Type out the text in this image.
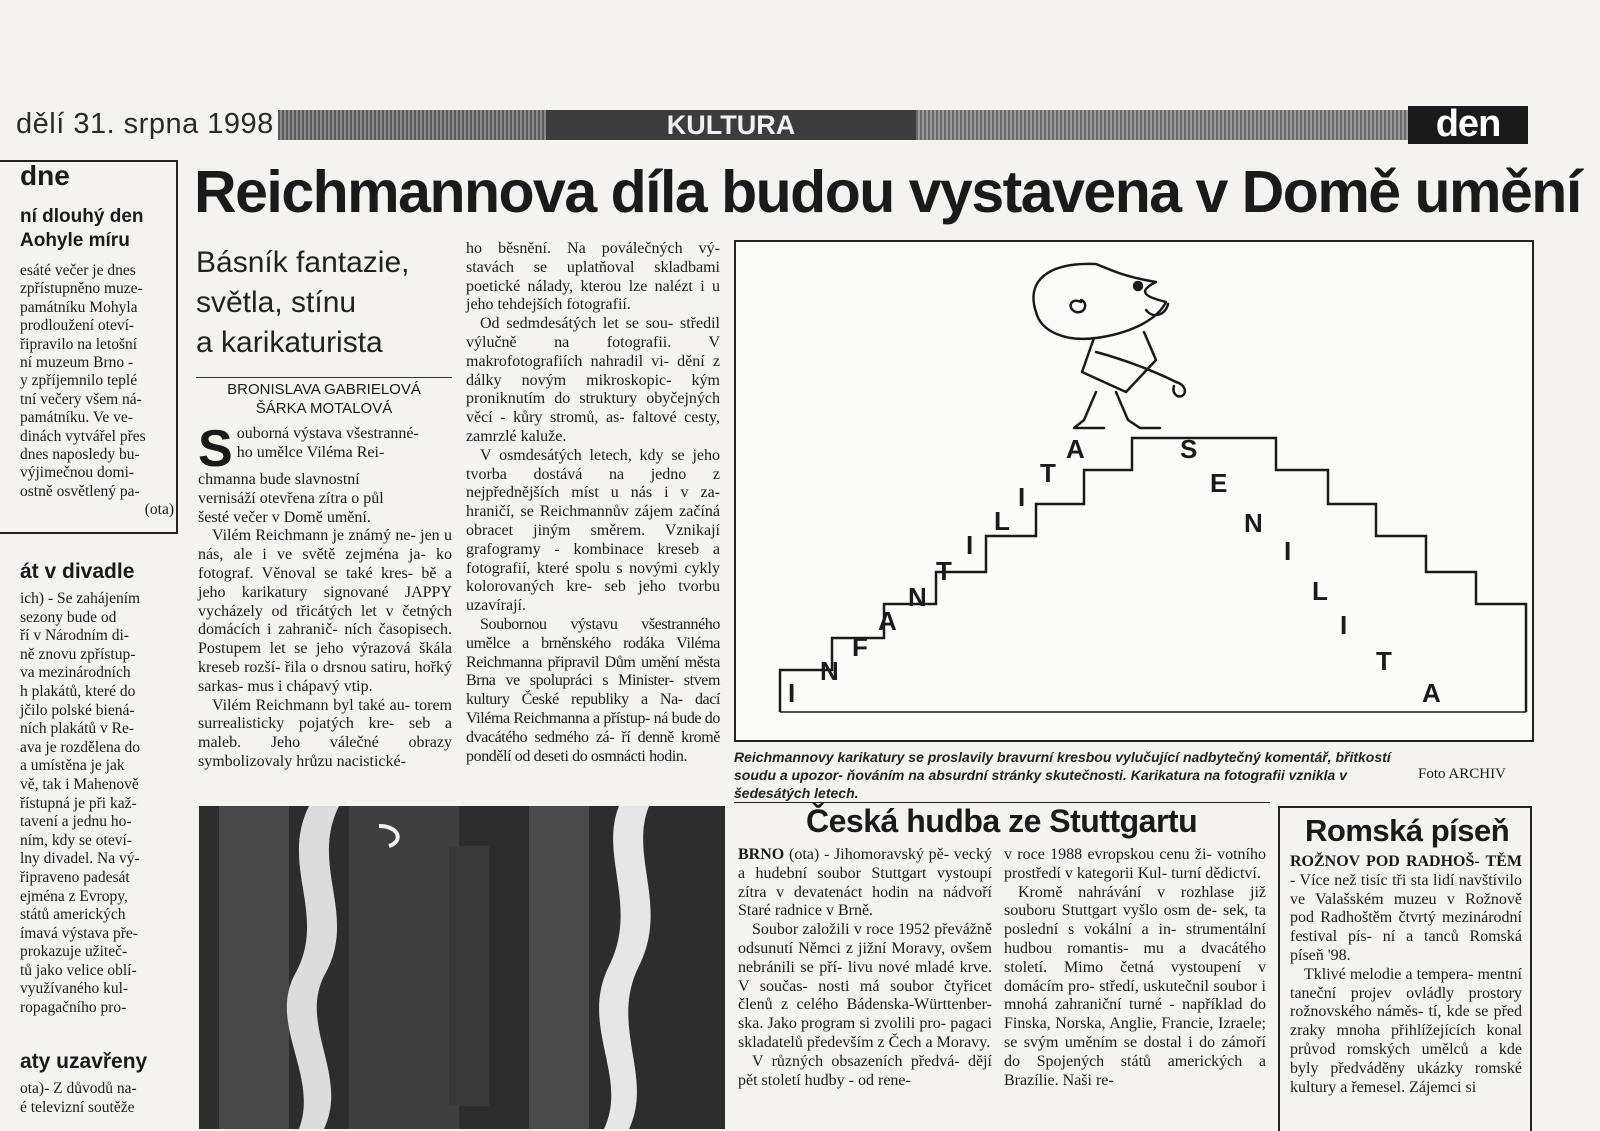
dělí 31. srpna 1998	KULTURA	den
dne
ní dlouhý den
Aohyle míru
esáté večer je dnes
zpřístupněno muze-
památníku Mohyla
prodloužení oteví-
řipravilo na letošní
ní muzeum Brno -
y zpříjemnilo teplé
tní večery všem ná-
památníku. Ve ve-
dinách vytvářel přes
dnes naposledy bu-
výjimečnou domi-
ostně osvětlený pa-
(ota)
át v divadle
ich) - Se zahájením
sezony bude od
ří v Národním di-
ně znovu zpřístup-
va mezinárodních
h plakátů, které do
jčilo polské biená-
ních plakátů v Re-
ava je rozdělena do
a umístěna je jak
vě, tak i Mahenově
řístupná je při kaž-
tavení a jednu ho-
ním, kdy se oteví-
lny divadel. Na vý-
řipraveno padesát
ejména z Evropy,
států amerických
ímavá výstava pře-
prokazuje užiteč-
tů jako velice oblí-
využívaného kul-
ropagačního pro-
aty uzavřeny
ota)- Z důvodů na-
é televizní soutěže
Reichmannova díla budou vystavena v Domě umění
Básník fantazie,
světla, stínu
a karikaturista
BRONISLAVA GABRIELOVÁ
ŠÁRKA MOTALOVÁ
S ouborná výstava všestranné-
ho umělce Viléma Rei-
chmanna bude slavnostní
vernisáží otevřena zítra o půl
šesté večer v Domě umění.

Vilém Reichmann je známý ne- jen u nás, ale i ve světě zejména ja- ko fotograf. Věnoval se také kres- bě a jeho karikatury signované JAPPY vycházely od třicátých let v četných domácích i zahranič- ních časopisech. Postupem let se jeho výrazová škála kreseb rozší- řila o drsnou satiru, hořký sarkas- mus i chápavý vtip.

Vilém Reichmann byl také au- torem surrealisticky pojatých kre- seb a maleb. Jeho válečné obrazy symbolizovaly hrůzu nacistické-

ho běsnění. Na poválečných vý- stavách se uplatňoval skladbami poetické nálady, kterou lze nalézt i u jeho tehdejších fotografií.

Od sedmdesátých let se sou- středil výlučně na fotografii. V makrofotografiích nahradil vi- dění z dálky novým mikroskopic- kým proniknutím do struktury obyčejných věcí - kůry stromů, as- faltové cesty, zamrzlé kaluže.

V osmdesátých letech, kdy se jeho tvorba dostává na jedno z nejpřednějších míst u nás i v za- hraničí, se Reichmannův zájem začíná obracet jiným směrem. Vznikají grafogramy - kombinace kreseb a fotografií, které spolu s novými cykly kolorovaných kre- seb jeho tvorbu uzavírají.

Soubornou výstavu všestranného umělce a brněnského rodáka Viléma Reichmanna připravil Dům umění města Brna ve spolupráci s Minister- stvem kultury České republiky a Na- dací Viléma Reichmanna a přístup- ná bude do dvacátého sedmého zá- ří denně kromě pondělí od deseti do osmnácti hodin.

I
N
F
A
N
T
I
L
I
T
A	S
E
N
I
L
I
T
A
Reichmannovy karikatury se proslavily bravurní kresbou vylučující nadbytečný komentář, břitkostí soudu a upozor- ňováním na absurdní stránky skutečnosti. Karikatura na fotografii vznikla v šedesátých letech.
Foto ARCHIV
Česká hudba ze Stuttgartu

BRNO (ota) - Jihomoravský pě- vecký a hudební soubor Stuttgart vystoupí zítra v devatenáct hodin na nádvoří Staré radnice v Brně.

Soubor založili v roce 1952 převážně odsunutí Němci z jižní Moravy, ovšem nebránili se pří- livu nové mladé krve. V součas- nosti má soubor čtyřicet členů z celého Bádenska-Württenber- ska. Jako program si zvolili pro- pagaci skladatelů především z Čech a Moravy.

V různých obsazeních předvá- dějí pět století hudby - od rene-

v roce 1988 evropskou cenu ži- votního prostředí v kategorii Kul- turní dědictví.

Kromě nahrávání v rozhlase již souboru Stuttgart vyšlo osm de- sek, ta poslední s vokální a in- strumentální hudbou romantis- mu a dvacátého století. Mimo četná vystoupení v domácím pro- středí, uskutečnil soubor i mnohá zahraniční turné - například do Finska, Norska, Anglie, Francie, Izraele; se svým uměním se dostal i do zámoří do Spojených států amerických a Brazílie. Naši re-

Romská píseň

ROŽNOV POD RADHOŠ- TĚM - Více než tisíc tři sta lidí navštívilo ve Valašském muzeu v Rožnově pod Radhoštěm čtvrtý mezinárodní festival pís- ní a tanců Romská píseň '98.

Tklivé melodie a tempera- mentní taneční projev ovládly prostory rožnovského náměs- tí, kde se před zraky mnoha přihlížejících konal průvod romských umělců a kde byly předváděny ukázky romské kultury a řemesel. Zájemci si
